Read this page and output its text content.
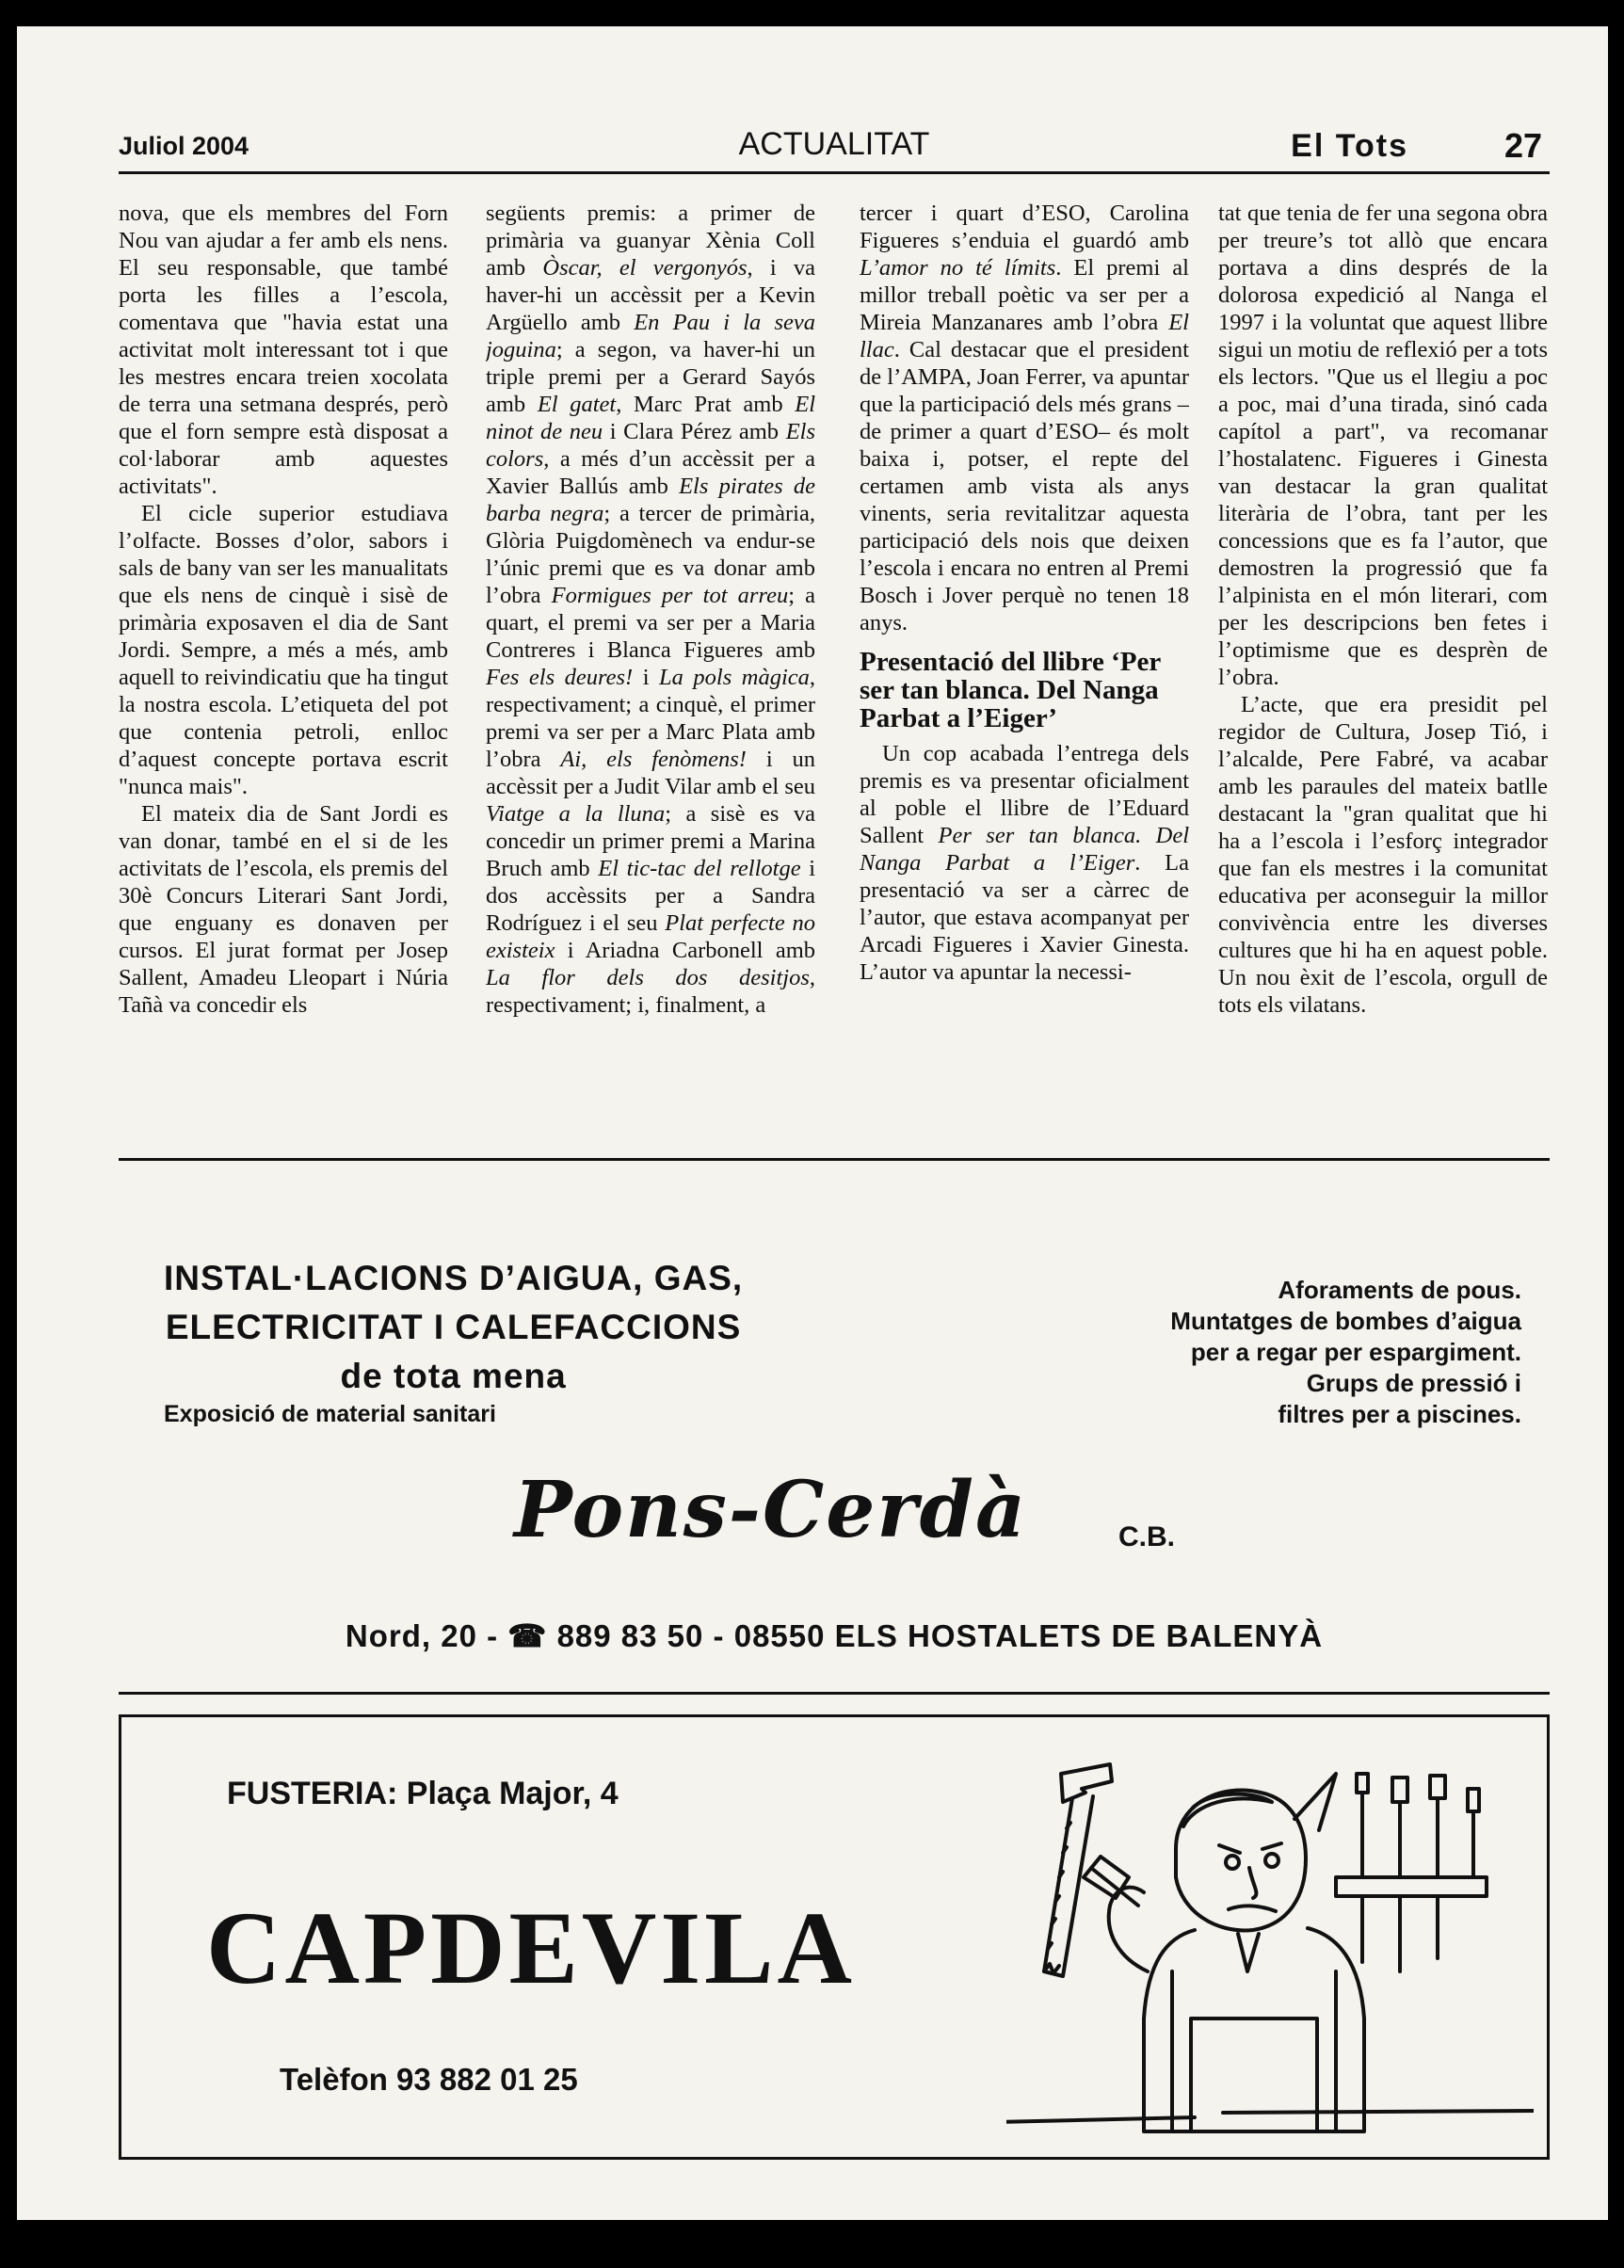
Juliol 2004	ACTUALITAT	El Tots	27

nova, que els membres del Forn Nou van ajudar a fer amb els nens. El seu responsable, que també porta les filles a l’escola, comentava que "havia estat una activitat molt interessant tot i que les mestres encara treien xocolata de terra una setmana després, però que el forn sempre està disposat a col·laborar amb aquestes activitats".

El cicle superior estudiava l’olfacte. Bosses d’olor, sabors i sals de bany van ser les manualitats que els nens de cinquè i sisè de primària exposaven el dia de Sant Jordi. Sempre, a més a més, amb aquell to reivindicatiu que ha tingut la nostra escola. L’etiqueta del pot que contenia petroli, enlloc d’aquest concepte portava escrit "nunca mais".

El mateix dia de Sant Jordi es van donar, també en el si de les activitats de l’escola, els premis del 30è Concurs Literari Sant Jordi, que enguany es donaven per cursos. El jurat format per Josep Sallent, Amadeu Lleopart i Núria Tañà va concedir els

següents premis: a primer de primària va guanyar Xènia Coll amb Òscar, el vergonyós, i va haver-hi un accèssit per a Kevin Argüello amb En Pau i la seva joguina; a segon, va haver-hi un triple premi per a Gerard Sayós amb El gatet, Marc Prat amb El ninot de neu i Clara Pérez amb Els colors, a més d’un accèssit per a Xavier Ballús amb Els pirates de barba negra; a tercer de primària, Glòria Puigdomènech va endur-se l’únic premi que es va donar amb l’obra Formigues per tot arreu; a quart, el premi va ser per a Maria Contreres i Blanca Figueres amb Fes els deures! i La pols màgica, respectivament; a cinquè, el primer premi va ser per a Marc Plata amb l’obra Ai, els fenòmens! i un accèssit per a Judit Vilar amb el seu Viatge a la lluna; a sisè es va concedir un primer premi a Marina Bruch amb El tic-tac del rellotge i dos accèssits per a Sandra Rodríguez i el seu Plat perfecte no existeix i Ariadna Carbonell amb La flor dels dos desitjos, respectivament; i, finalment, a

tercer i quart d’ESO, Carolina Figueres s’enduia el guardó amb L’amor no té límits. El premi al millor treball poètic va ser per a Mireia Manzanares amb l’obra El llac. Cal destacar que el president de l’AMPA, Joan Ferrer, va apuntar que la participació dels més grans –de primer a quart d’ESO– és molt baixa i, potser, el repte del certamen amb vista als anys vinents, seria revitalitzar aquesta participació dels nois que deixen l’escola i encara no entren al Premi Bosch i Jover perquè no tenen 18 anys.

Presentació del llibre ‘Per ser tan blanca. Del Nanga Parbat a l’Eiger’

Un cop acabada l’entrega dels premis es va presentar oficialment al poble el llibre de l’Eduard Sallent Per ser tan blanca. Del Nanga Parbat a l’Eiger. La presentació va ser a càrrec de l’autor, que estava acompanyat per Arcadi Figueres i Xavier Ginesta. L’autor va apuntar la necessi-

tat que tenia de fer una segona obra per treure’s tot allò que encara portava a dins després de la dolorosa expedició al Nanga el 1997 i la voluntat que aquest llibre sigui un motiu de reflexió per a tots els lectors. "Que us el llegiu a poc a poc, mai d’una tirada, sinó cada capítol a part", va recomanar l’hostalatenc. Figueres i Ginesta van destacar la gran qualitat literària de l’obra, tant per les concessions que es fa l’autor, que demostren la progressió que fa l’alpinista en el món literari, com per les descripcions ben fetes i l’optimisme que es desprèn de l’obra.

L’acte, que era presidit pel regidor de Cultura, Josep Tió, i l’alcalde, Pere Fabré, va acabar amb les paraules del mateix batlle destacant la "gran qualitat que hi ha a l’escola i l’esforç integrador que fan els mestres i la comunitat educativa per aconseguir la millor convivència entre les diverses cultures que hi ha en aquest poble. Un nou èxit de l’escola, orgull de tots els vilatans.

INSTAL·LACIONS D’AIGUA, GAS,
ELECTRICITAT I CALEFACCIONS
de tota mena
Exposició de material sanitari
Aforaments de pous.
Muntatges de bombes d’aigua
per a regar per espargiment.
Grups de pressió i
filtres per a piscines.
Pons-Cerdà	C.B.
Nord, 20 - ☎ 889 83 50 - 08550 ELS HOSTALETS DE BALENYÀ
FUSTERIA: Plaça Major, 4
CAPDEVILA
Telèfon 93 882 01 25
